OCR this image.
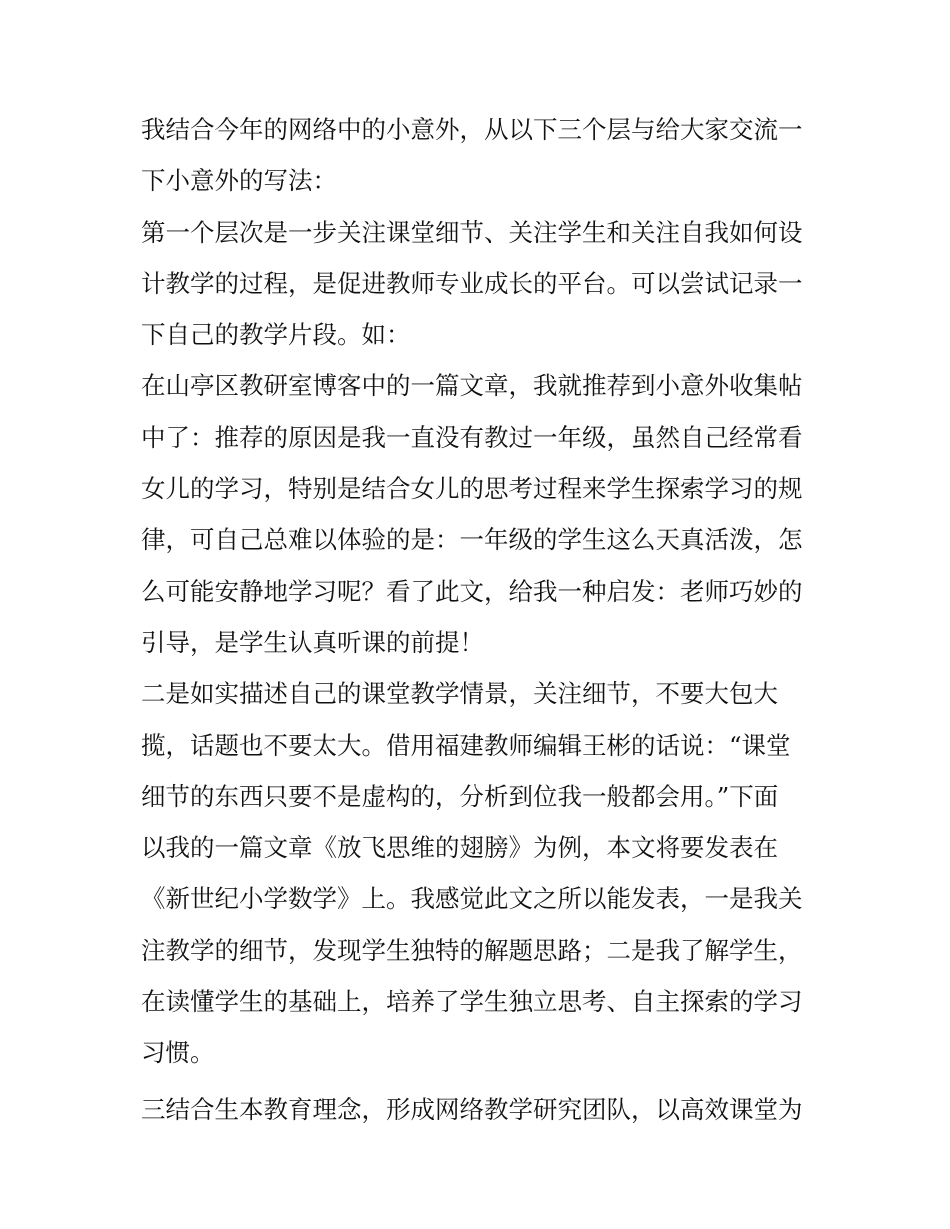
我结合今年的网络中的小意外，从以下三个层与给大家交流一
下小意外的写法：

第一个层次是一步关注课堂细节、关注学生和关注自我如何设
计教学的过程，是促进教师专业成长的平台。可以尝试记录一
下自己的教学片段。如：

在山亭区教研室博客中的一篇文章，我就推荐到小意外收集帖
中了：推荐的原因是我一直没有教过一年级，虽然自己经常看
女儿的学习，特别是结合女儿的思考过程来学生探索学习的规
律，可自己总难以体验的是：一年级的学生这么天真活泼，怎
么可能安静地学习呢？看了此文，给我一种启发：老师巧妙的
引导，是学生认真听课的前提！

二是如实描述自己的课堂教学情景，关注细节，不要大包大
揽，话题也不要太大。借用福建教师编辑王彬的话说：“课堂
细节的东西只要不是虚构的，分析到位我一般都会用。”下面
以我的一篇文章《放飞思维的翅膀》为例，本文将要发表在
《新世纪小学数学》上。我感觉此文之所以能发表，一是我关
注教学的细节，发现学生独特的解题思路；二是我了解学生，
在读懂学生的基础上，培养了学生独立思考、自主探索的学习
习惯。

三结合生本教育理念，形成网络教学研究团队，以高效课堂为
